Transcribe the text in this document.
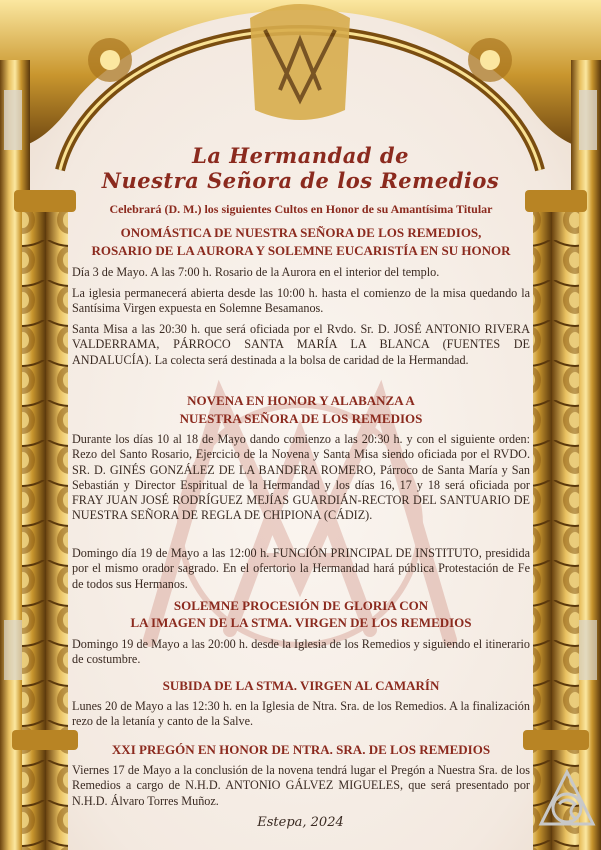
La Hermandad de
Nuestra Señora de los Remedios

Celebrará (D. M.) los siguientes Cultos en Honor de su Amantísima Titular

ONOMÁSTICA DE NUESTRA SEÑORA DE LOS REMEDIOS,

ROSARIO DE LA AURORA Y SOLEMNE EUCARISTÍA EN SU HONOR

Día 3 de Mayo. A las 7:00 h. Rosario de la Aurora en el interior del templo.

La iglesia permanecerá abierta desde las 10:00 h. hasta el comienzo de la misa quedando la Santísima Virgen expuesta en Solemne Besamanos.

Santa Misa a las 20:30 h. que será oficiada por el Rvdo. Sr. D. JOSÉ ANTONIO RIVERA VALDERRAMA, PÁRROCO SANTA MARÍA LA BLANCA (FUENTES DE ANDALUCÍA). La colecta será destinada a la bolsa de caridad de la Hermandad.

NOVENA EN HONOR Y ALABANZA A

NUESTRA SEÑORA DE LOS REMEDIOS

Durante los días 10 al 18 de Mayo dando comienzo a las 20:30 h. y con el siguiente orden: Rezo del Santo Rosario, Ejercicio de la Novena y Santa Misa siendo oficiada por el RVDO. SR. D. GINÉS GONZÁLEZ DE LA BANDERA ROMERO, Párroco de Santa María y San Sebastián y Director Espiritual de la Hermandad y los días 16, 17 y 18 será oficiada por FRAY JUAN JOSÉ RODRÍGUEZ MEJÍAS GUARDIÁN-RECTOR DEL SANTUARIO DE NUESTRA SEÑORA DE REGLA DE CHIPIONA (CÁDIZ).

Domingo día 19 de Mayo a las 12:00 h. FUNCIÓN PRINCIPAL DE INSTITUTO, presidida por el mismo orador sagrado. En el ofertorio la Hermandad hará pública Protestación de Fe de todos sus Hermanos.

SOLEMNE PROCESIÓN DE GLORIA CON

LA IMAGEN DE LA STMA. VIRGEN DE LOS REMEDIOS

Domingo 19 de Mayo a las 20:00 h. desde la Iglesia de los Remedios y siguiendo el itinerario de costumbre.

SUBIDA DE LA STMA. VIRGEN AL CAMARÍN

Lunes 20 de Mayo a las 12:30 h. en la Iglesia de Ntra. Sra. de los Remedios. A la finalización rezo de la letanía y canto de la Salve.

XXI PREGÓN EN HONOR DE NTRA. SRA. DE LOS REMEDIOS

Viernes 17 de Mayo a la conclusión de la novena tendrá lugar el Pregón a Nuestra Sra. de los Remedios a cargo de N.H.D. ANTONIO GÁLVEZ MIGUELES, que será presentado por N.H.D. Álvaro Torres Muñoz.

Estepa, 2024
